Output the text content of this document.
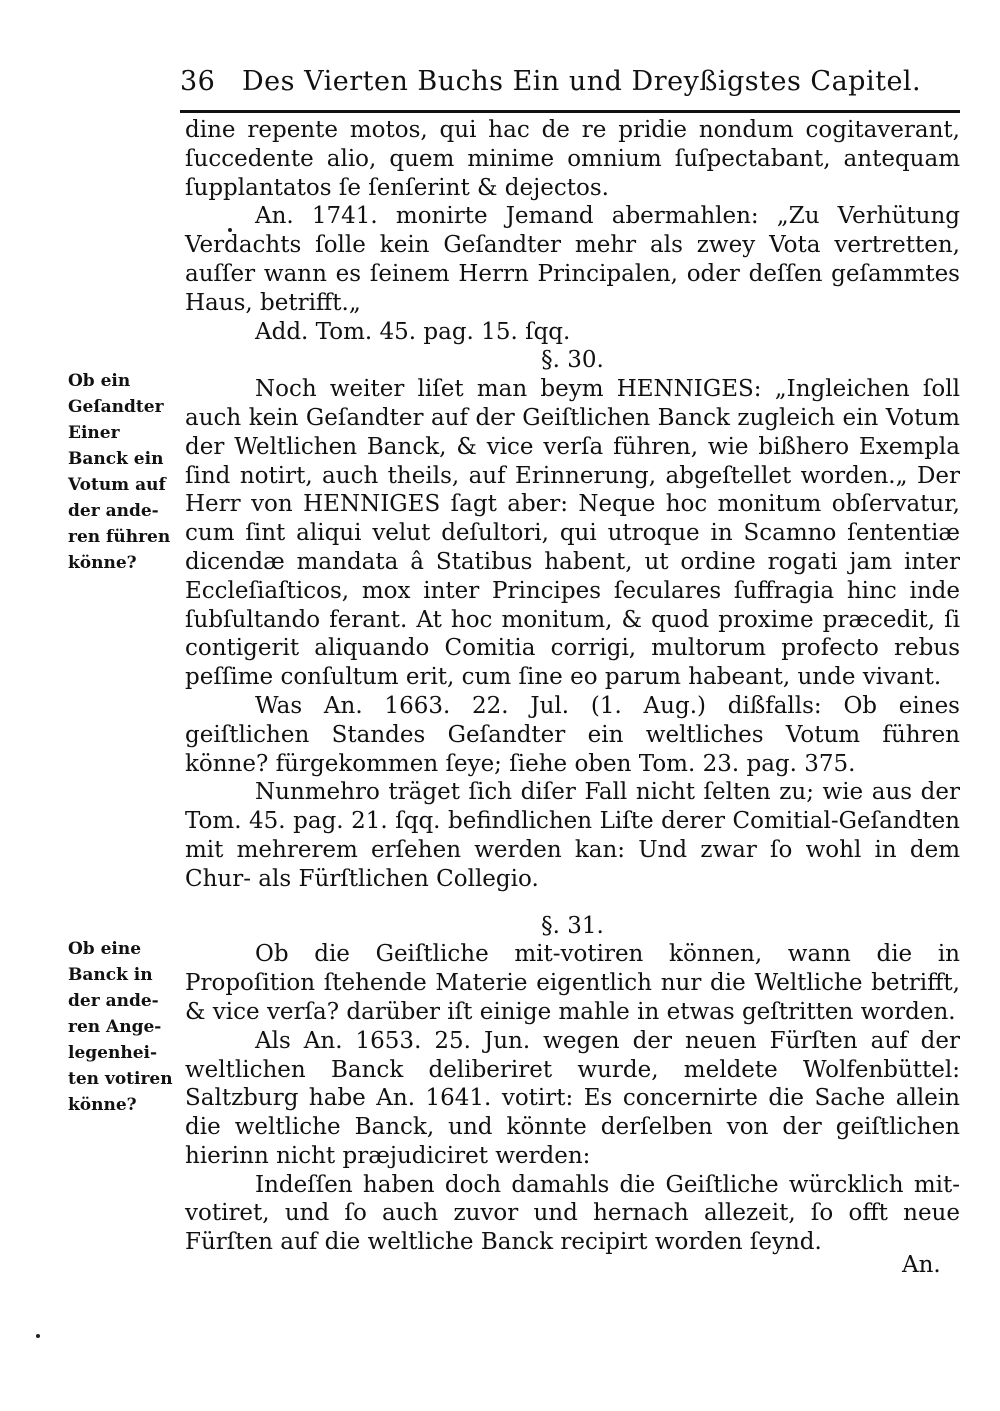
36 Des Vierten Buchs Ein und Dreyßigstes Capitel.

dine repente motos, qui hac de re pridie nondum cogitaverant, ſuccedente alio, quem minime omnium ſuſpectabant, antequam ſupplantatos ſe ſenſerint & dejectos.

An. 1741. monirte Jemand abermahlen: „Zu Verhütung Verdachts ſolle kein Geſandter mehr als zwey Vota vertretten, auſſer wann es ſeinem Herrn Principalen, oder deſſen geſammtes Haus, betrifft.„

Add. Tom. 45. pag. 15. ſqq.

§. 30.

Noch weiter liſet man beym HENNIGES: „Ingleichen ſoll auch kein Geſandter auf der Geiſtlichen Banck zugleich ein Votum der Weltlichen Banck, & vice verſa führen, wie bißhero Exempla ſind notirt, auch theils, auf Erinnerung, abgeſtellet worden.„ Der Herr von HENNIGES ſagt aber: Neque hoc monitum obſervatur, cum ſint aliqui velut deſultori, qui utroque in Scamno ſententiæ dicendæ mandata â Statibus habent, ut ordine rogati jam inter Eccleſiaſticos, mox inter Principes ſeculares ſuffragia hinc inde ſubſultando ferant. At hoc monitum, & quod proxime præcedit, ſi contigerit aliquando Comitia corrigi, multorum profecto rebus peſſime conſultum erit, cum ſine eo parum habeant, unde vivant.

Was An. 1663. 22. Jul. (1. Aug.) dißfalls: Ob eines geiſtlichen Standes Geſandter ein weltliches Votum führen könne? fürgekommen ſeye; ſiehe oben Tom. 23. pag. 375.

Nunmehro träget ſich diſer Fall nicht ſelten zu; wie aus der Tom. 45. pag. 21. ſqq. befindlichen Liſte derer Comitial-Geſandten mit mehrerem erſehen werden kan: Und zwar ſo wohl in dem Chur- als Fürſtlichen Collegio.

§. 31.

Ob die Geiſtliche mit-votiren können, wann die in Propoſition ſtehende Materie eigentlich nur die Weltliche betrifft, & vice verſa? darüber iſt einige mahle in etwas geſtritten worden.

Als An. 1653. 25. Jun. wegen der neuen Fürſten auf der weltlichen Banck deliberiret wurde, meldete Wolfenbüttel: Saltzburg habe An. 1641. votirt: Es concernirte die Sache allein die weltliche Banck, und könnte derſelben von der geiſtlichen hierinn nicht præjudiciret werden:

Indeſſen haben doch damahls die Geiſtliche würcklich mit-votiret, und ſo auch zuvor und hernach allezeit, ſo offt neue Fürſten auf die weltliche Banck recipirt worden ſeynd.

Ob ein
Geſandter
Einer
Banck ein
Votum auf
der ande-
ren führen
könne?
Ob eine
Banck in
der ande-
ren Ange-
legenhei-
ten votiren
könne?
An.
